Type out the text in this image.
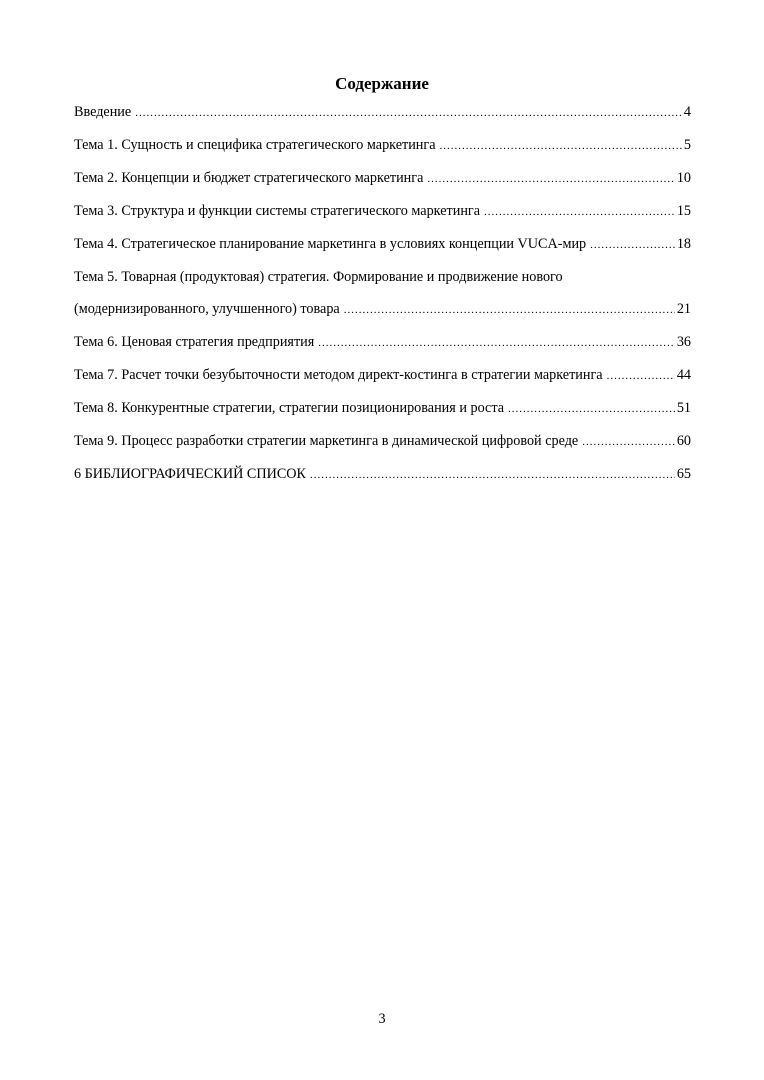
Содержание
Введение .....	4
Тема 1. Сущность и специфика стратегического маркетинга .....	5
Тема 2. Концепции и бюджет стратегического маркетинга .....	10
Тема 3. Структура и функции системы стратегического маркетинга .....	15
Тема 4. Стратегическое планирование маркетинга в условиях концепции VUCA-мир .....	18
Тема 5. Товарная (продуктовая) стратегия. Формирование и продвижение нового
(модернизированного, улучшенного) товара .....	21
Тема 6. Ценовая стратегия предприятия .....	36
Тема 7. Расчет точки безубыточности методом директ-костинга в стратегии маркетинга .....	44
Тема 8. Конкурентные стратегии, стратегии позиционирования и роста .....	51
Тема 9. Процесс разработки стратегии маркетинга в динамической цифровой среде .....	60
6 БИБЛИОГРАФИЧЕСКИЙ СПИСОК .....	65
3
